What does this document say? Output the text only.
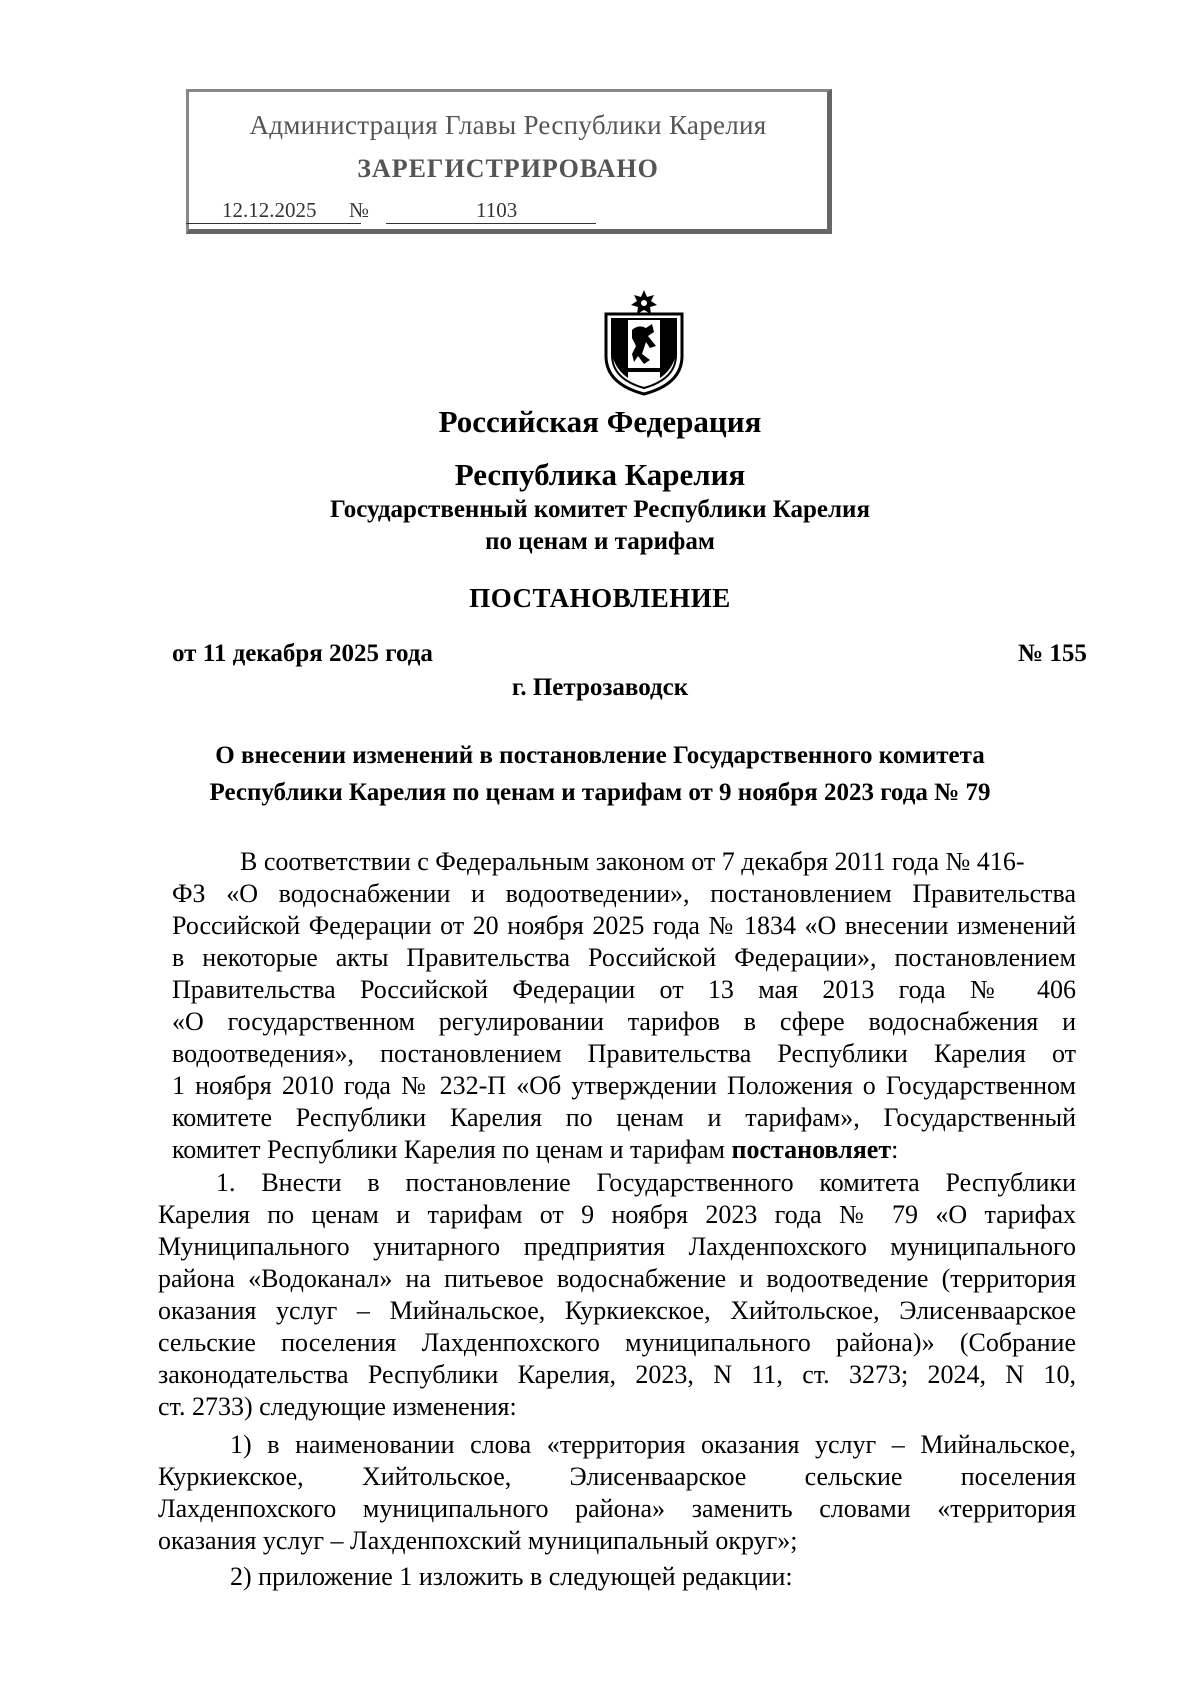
Администрация Главы Республики Карелия
ЗАРЕГИСТРИРОВАНО
12.12.2025 №	1103
Российская Федерация
Республика Карелия
Государственный комитет Республики Карелия
по ценам и тарифам
ПОСТАНОВЛЕНИЕ
от 11 декабря 2025 года	№ 155
г. Петрозаводск
О внесении изменений в постановление Государственного комитета
Республики Карелия по ценам и тарифам от 9 ноября 2023 года № 79
В соответствии с Федеральным законом от 7 декабря 2011 года № 416-
ФЗ «О водоснабжении и водоотведении», постановлением Правительства
Российской Федерации от 20 ноября 2025 года № 1834 «О внесении изменений
в некоторые акты Правительства Российской Федерации», постановлением
Правительства Российской Федерации от 13 мая 2013 года № 406
«О государственном регулировании тарифов в сфере водоснабжения и
водоотведения», постановлением Правительства Республики Карелия от
1 ноября 2010 года № 232-П «Об утверждении Положения о Государственном
комитете Республики Карелия по ценам и тарифам», Государственный
комитет Республики Карелия по ценам и тарифам постановляет:
1. Внести в постановление Государственного комитета Республики
Карелия по ценам и тарифам от 9 ноября 2023 года № 79 «О тарифах
Муниципального унитарного предприятия Лахденпохского муниципального
района «Водоканал» на питьевое водоснабжение и водоотведение (территория
оказания услуг – Мийнальское, Куркиекское, Хийтольское, Элисенваарское
сельские поселения Лахденпохского муниципального района)» (Собрание
законодательства Республики Карелия, 2023, N 11, ст. 3273; 2024, N 10,
ст. 2733) следующие изменения:
1) в наименовании слова «территория оказания услуг – Мийнальское,
Куркиекское, Хийтольское, Элисенваарское сельские поселения
Лахденпохского муниципального района» заменить словами «территория
оказания услуг – Лахденпохский муниципальный округ»;
2) приложение 1 изложить в следующей редакции:
